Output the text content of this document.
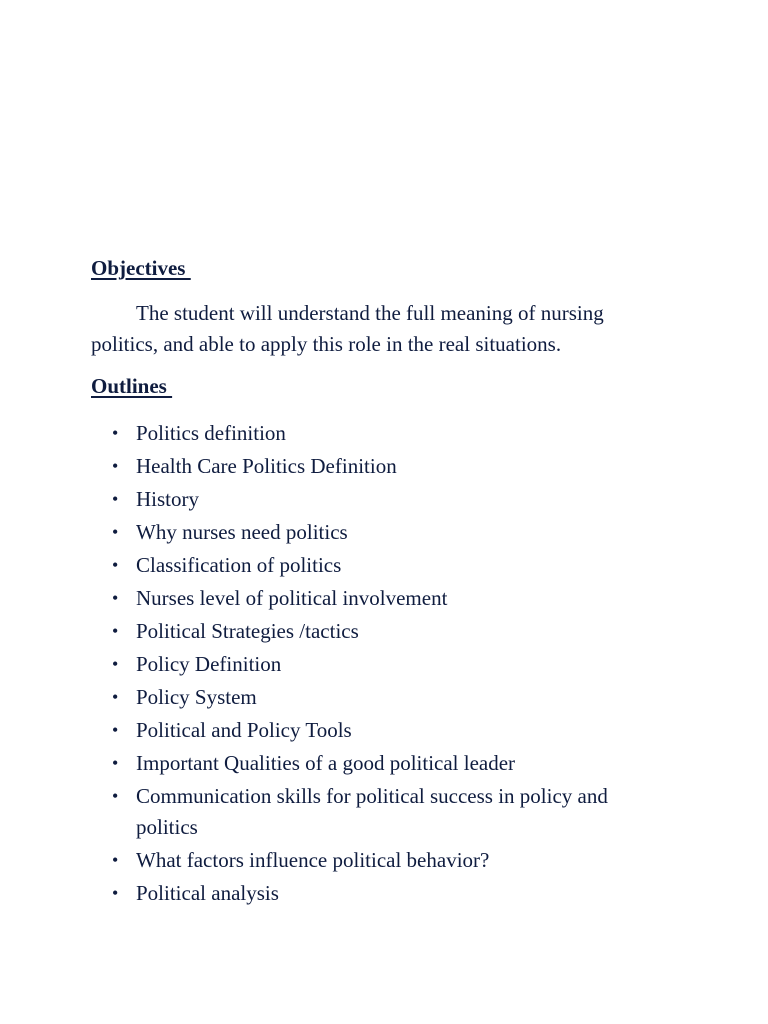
Objectives
The student will understand the full meaning of nursing politics, and able to apply this role in the real situations.
Outlines
• Politics definition
• Health Care Politics Definition
• History
• Why nurses need politics
• Classification of politics
• Nurses level of political involvement
• Political Strategies /tactics
• Policy Definition
• Policy System
• Political and Policy Tools
• Important Qualities of a good political leader
• Communication skills for political success in policy and politics
• What factors influence political behavior?
• Political analysis
